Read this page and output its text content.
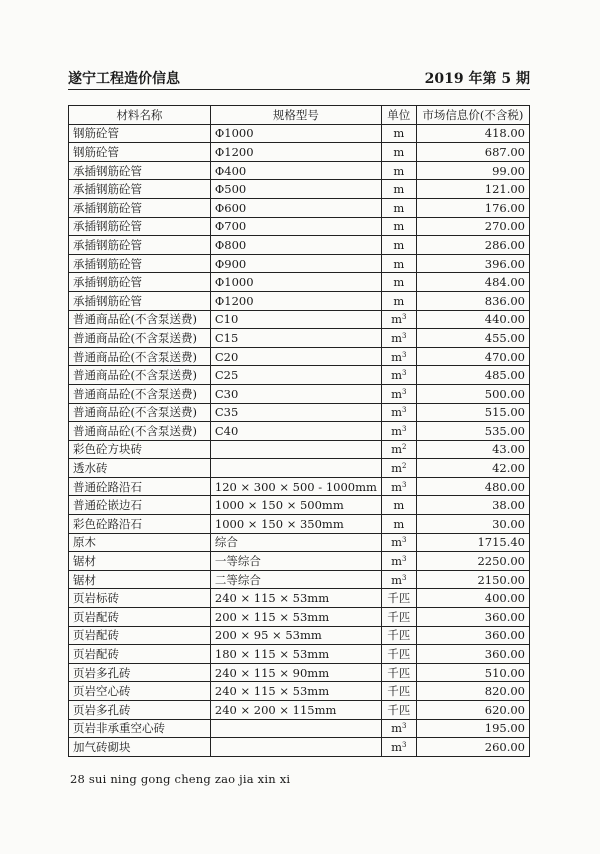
遂宁工程造价信息	2019 年第 5 期
材料名称	规格型号	单位	市场信息价(不含税)
钢筋砼管	Φ1000	m	418.00
钢筋砼管	Φ1200	m	687.00
承插钢筋砼管	Φ400	m	99.00
承插钢筋砼管	Φ500	m	121.00
承插钢筋砼管	Φ600	m	176.00
承插钢筋砼管	Φ700	m	270.00
承插钢筋砼管	Φ800	m	286.00
承插钢筋砼管	Φ900	m	396.00
承插钢筋砼管	Φ1000	m	484.00
承插钢筋砼管	Φ1200	m	836.00
普通商品砼(不含泵送费)	C10	$m^3$	440.00
普通商品砼(不含泵送费)	C15	$m^3$	455.00
普通商品砼(不含泵送费)	C20	$m^3$	470.00
普通商品砼(不含泵送费)	C25	$m^3$	485.00
普通商品砼(不含泵送费)	C30	$m^3$	500.00
普通商品砼(不含泵送费)	C35	$m^3$	515.00
普通商品砼(不含泵送费)	C40	$m^3$	535.00
彩色砼方块砖		$m^2$	43.00
透水砖		$m^2$	42.00
普通砼路沿石	120 × 300 × 500 - 1000mm	$m^3$	480.00
普通砼嵌边石	1000 × 150 × 500mm	m	38.00
彩色砼路沿石	1000 × 150 × 350mm	m	30.00
原木	综合	$m^3$	1715.40
锯材	一等综合	$m^3$	2250.00
锯材	二等综合	$m^3$	2150.00
页岩标砖	240 × 115 × 53mm	千匹	400.00
页岩配砖	200 × 115 × 53mm	千匹	360.00
页岩配砖	200 × 95 × 53mm	千匹	360.00
页岩配砖	180 × 115 × 53mm	千匹	360.00
页岩多孔砖	240 × 115 × 90mm	千匹	510.00
页岩空心砖	240 × 115 × 53mm	千匹	820.00
页岩多孔砖	240 × 200 × 115mm	千匹	620.00
页岩非承重空心砖		$m^3$	195.00
加气砖砌块		$m^3$	260.00
28 sui ning gong cheng zao jia xin xi
